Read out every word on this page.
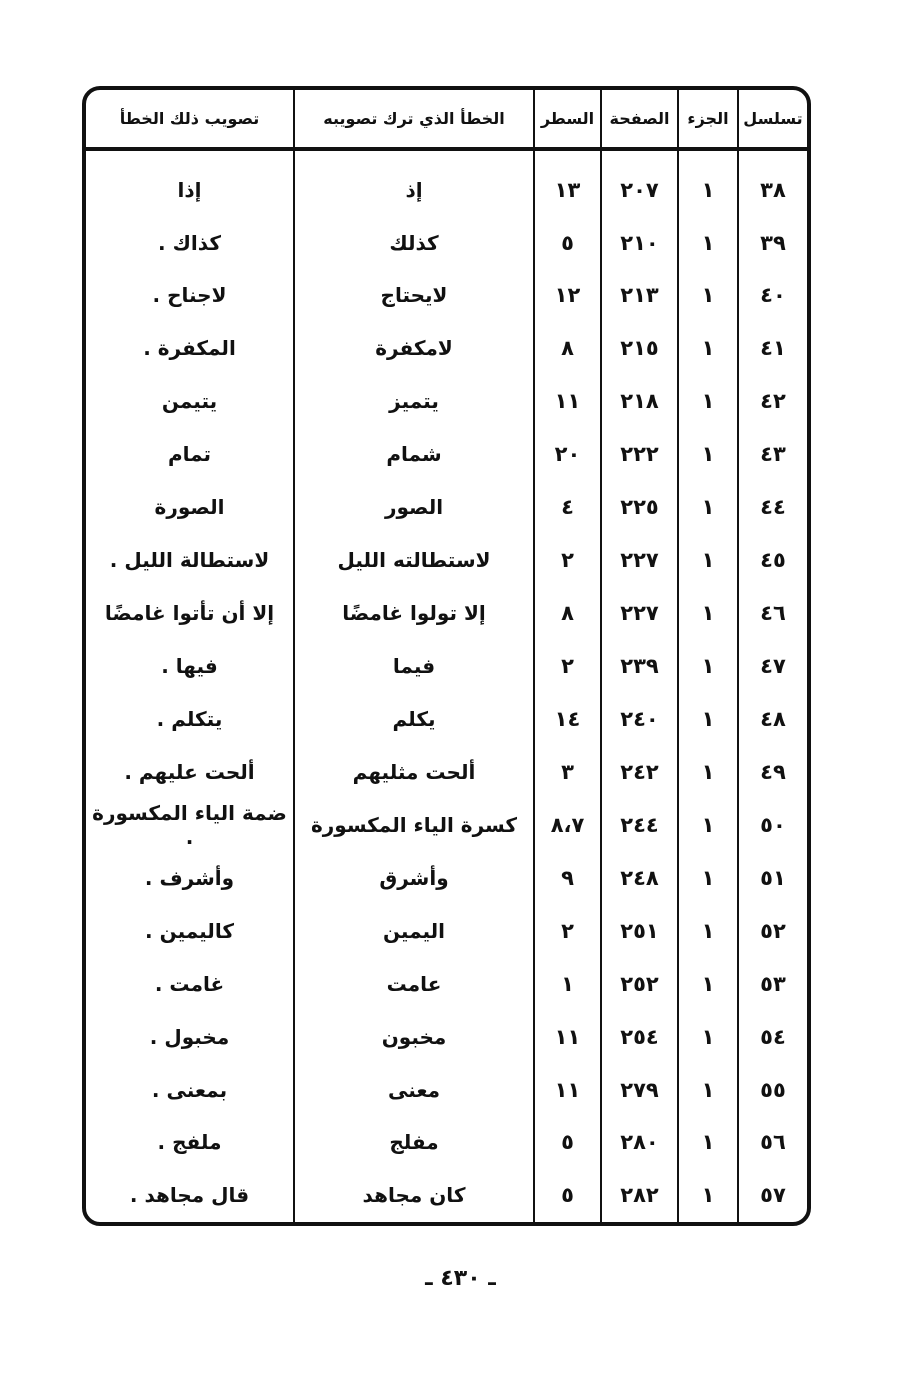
تسلسل	الجزء	الصفحة	السطر	الخطأ الذي ترك تصويبه	تصويب ذلك الخطأ
٣٨	١	٢٠٧	١٣	إذ	إذا
٣٩	١	٢١٠	٥	كذلك	كذاك .
٤٠	١	٢١٣	١٢	لايحتاج	لاجناح .
٤١	١	٢١٥	٨	لامكفرة	المكفرة .
٤٢	١	٢١٨	١١	يتميز	يتيمن
٤٣	١	٢٢٢	٢٠	شمام	تمام
٤٤	١	٢٢٥	٤	الصور	الصورة
٤٥	١	٢٢٧	٢	لاستطالته الليل	لاستطالة الليل .
٤٦	١	٢٢٧	٨	إلا تولوا غامضًا	إلا أن تأتوا غامضًا
٤٧	١	٢٣٩	٢	فيما	فيها .
٤٨	١	٢٤٠	١٤	يكلم	يتكلم .
٤٩	١	٢٤٢	٣	ألحت مثليهم	ألحت عليهم .
٥٠	١	٢٤٤	٨،٧	كسرة الياء المكسورة	ضمة الياء المكسورة .
٥١	١	٢٤٨	٩	وأشرق	وأشرف .
٥٢	١	٢٥١	٢	اليمين	كاليمين .
٥٣	١	٢٥٢	١	عامت	غامت .
٥٤	١	٢٥٤	١١	مخبون	مخبول .
٥٥	١	٢٧٩	١١	معنى	بمعنى .
٥٦	١	٢٨٠	٥	مفلج	ملفج .
٥٧	١	٢٨٢	٥	كان مجاهد	قال مجاهد .
ـ ٤٣٠ ـ
